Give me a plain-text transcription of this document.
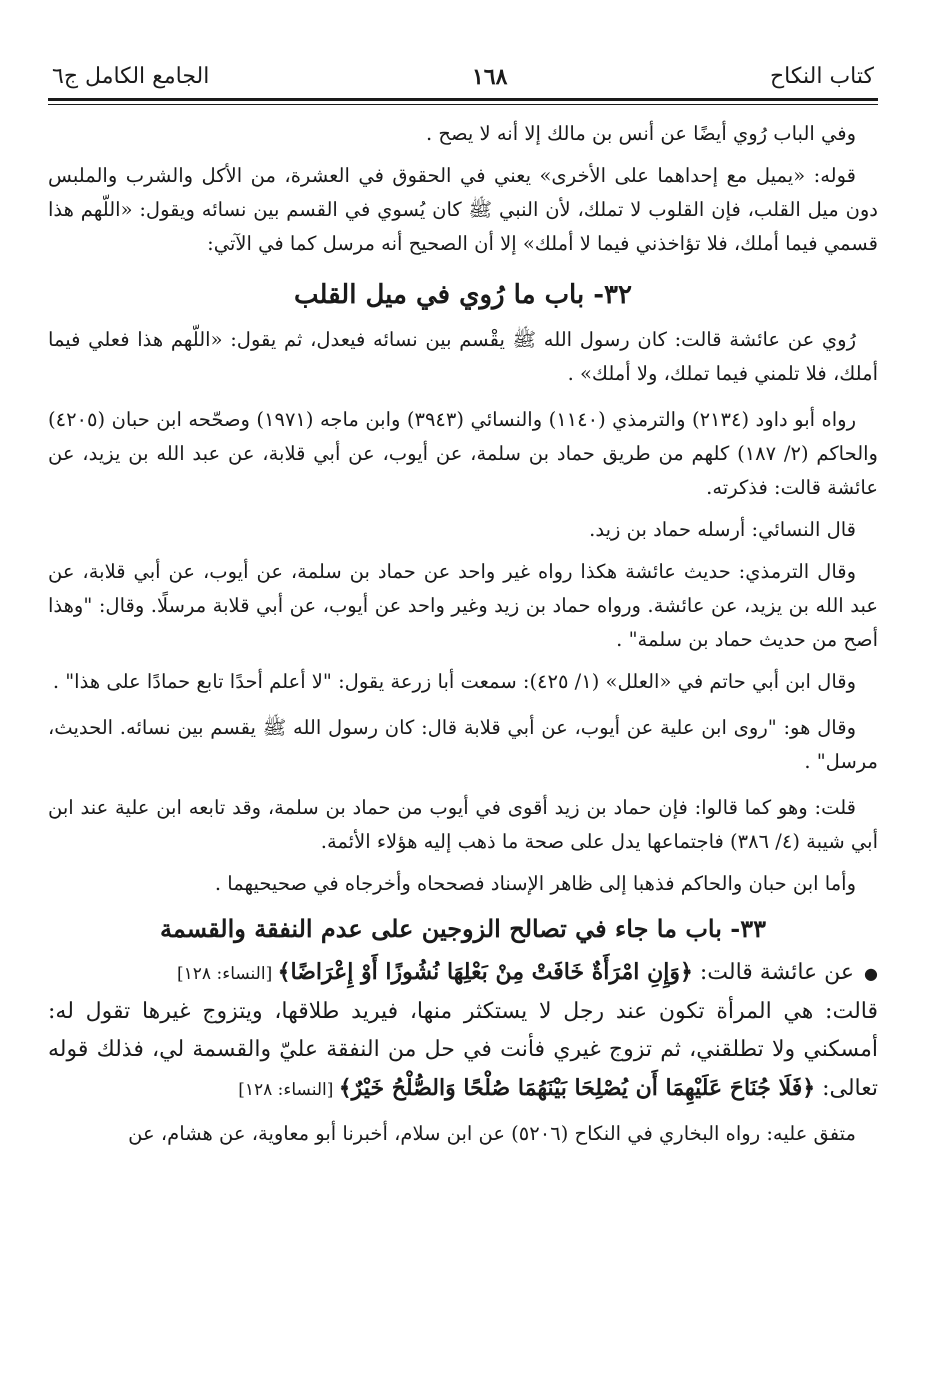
كتاب النكاح
١٦٨
الجامع الكامل ج٦

وفي الباب رُوي أيضًا عن أنس بن مالك إلا أنه لا يصح .

قوله: «يميل مع إحداهما على الأخرى» يعني في الحقوق في العشرة، من الأكل والشرب والملبس دون ميل القلب، فإن القلوب لا تملك، لأن النبي ﷺ كان يُسوي في القسم بين نسائه ويقول: «اللّهم هذا قسمي فيما أملك، فلا تؤاخذني فيما لا أملك» إلا أن الصحيح أنه مرسل كما في الآتي:

٣٢- باب ما رُوي في ميل القلب

رُوي عن عائشة قالت: كان رسول الله ﷺ يقْسم بين نسائه فيعدل، ثم يقول: «اللّهم هذا فعلي فيما أملك، فلا تلمني فيما تملك، ولا أملك» .

رواه أبو داود (٢١٣٤) والترمذي (١١٤٠) والنسائي (٣٩٤٣) وابن ماجه (١٩٧١) وصحّحه ابن حبان (٤٢٠٥) والحاكم (٢/ ١٨٧) كلهم من طريق حماد بن سلمة، عن أيوب، عن أبي قلابة، عن عبد الله بن يزيد، عن عائشة قالت: فذكرته.

قال النسائي: أرسله حماد بن زيد.

وقال الترمذي: حديث عائشة هكذا رواه غير واحد عن حماد بن سلمة، عن أيوب، عن أبي قلابة، عن عبد الله بن يزيد، عن عائشة. ورواه حماد بن زيد وغير واحد عن أيوب، عن أبي قلابة مرسلًا. وقال: "وهذا أصح من حديث حماد بن سلمة" .

وقال ابن أبي حاتم في «العلل» (١/ ٤٢٥): سمعت أبا زرعة يقول: "لا أعلم أحدًا تابع حمادًا على هذا" .

وقال هو: "روى ابن علية عن أيوب، عن أبي قلابة قال: كان رسول الله ﷺ يقسم بين نسائه. الحديث، مرسل" .

قلت: وهو كما قالوا: فإن حماد بن زيد أقوى في أيوب من حماد بن سلمة، وقد تابعه ابن علية عند ابن أبي شيبة (٤/ ٣٨٦) فاجتماعها يدل على صحة ما ذهب إليه هؤلاء الأئمة.

وأما ابن حبان والحاكم فذهبا إلى ظاهر الإسناد فصححاه وأخرجاه في صحيحيهما .

٣٣- باب ما جاء في تصالح الزوجين على عدم النفقة والقسمة

●عن عائشة قالت: ﴿وَإِنِ امْرَأَةٌ خَافَتْ مِنْ بَعْلِهَا نُشُوزًا أَوْ إِعْرَاضًا﴾ [النساء: ١٢٨]

قالت: هي المرأة تكون عند رجل لا يستكثر منها، فيريد طلاقها، ويتزوج غيرها تقول له: أمسكني ولا تطلقني، ثم تزوج غيري فأنت في حل من النفقة عليّ والقسمة لي، فذلك قوله تعالى: ﴿فَلَا جُنَاحَ عَلَيْهِمَا أَن يُصْلِحَا بَيْنَهُمَا صُلْحًا وَالصُّلْحُ خَيْرٌ﴾ [النساء: ١٢٨]

متفق عليه: رواه البخاري في النكاح (٥٢٠٦) عن ابن سلام، أخبرنا أبو معاوية، عن هشام، عن
